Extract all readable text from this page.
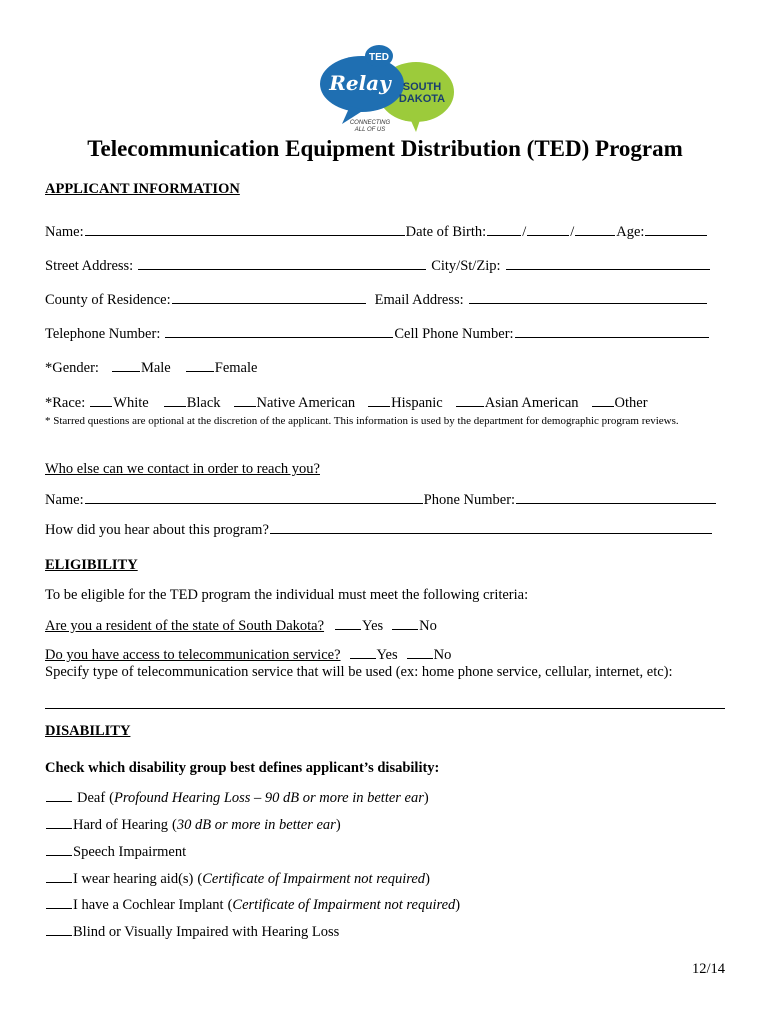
TED
Relay SOUTH
DAKOTA
CONNECTING
ALL OF US
Telecommunication Equipment Distribution (TED) Program
APPLICANT INFORMATION
Name:	Date of Birth: /	/	Age:
Street Address:	City/St/Zip:
County of Residence:	Email Address:
Telephone Number:	Cell Phone Number:
*Gender:	Male	Female
*Race: White	Black Native American Hispanic	Asian American Other
* Starred questions are optional at the discretion of the applicant. This information is used by the department for demographic program reviews.
Who else can we contact in order to reach you?
Name:	Phone Number:
How did you hear about this program?
ELIGIBILITY
To be eligible for the TED program the individual must meet the following criteria:
Are you a resident of the state of South Dakota?	Yes No
Do you have access to telecommunication service? Yes No
Specify type of telecommunication service that will be used (ex: home phone service, cellular, internet, etc):
DISABILITY
Check which disability group best defines applicant’s disability:
Deaf ( Profound Hearing Loss – 90 dB or more in better ear )
Hard of Hearing ( 30 dB or more in better ear )
Speech Impairment
I wear hearing aid(s) ( Certificate of Impairment not required )
I have a Cochlear Implant ( Certificate of Impairment not required )
Blind or Visually Impaired with Hearing Loss
12/14
